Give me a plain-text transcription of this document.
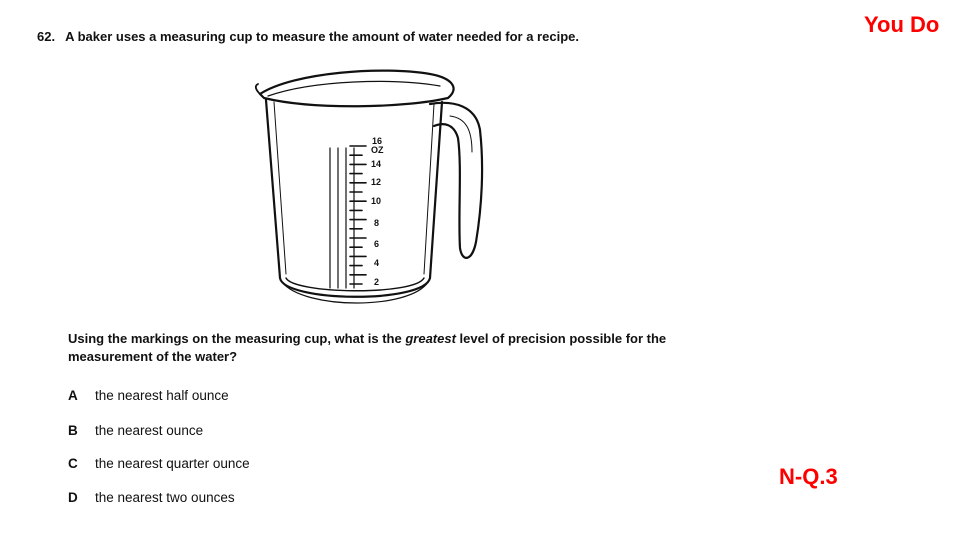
You Do
62. A baker uses a measuring cup to measure the amount of water needed for a recipe.
16
OZ
14
12
10
8
6
4
2
Using the markings on the measuring cup, what is the greatest level of precision possible for the measurement of the water?
A the nearest half ounce
B the nearest ounce
C the nearest quarter ounce
D the nearest two ounces
N-Q.3
